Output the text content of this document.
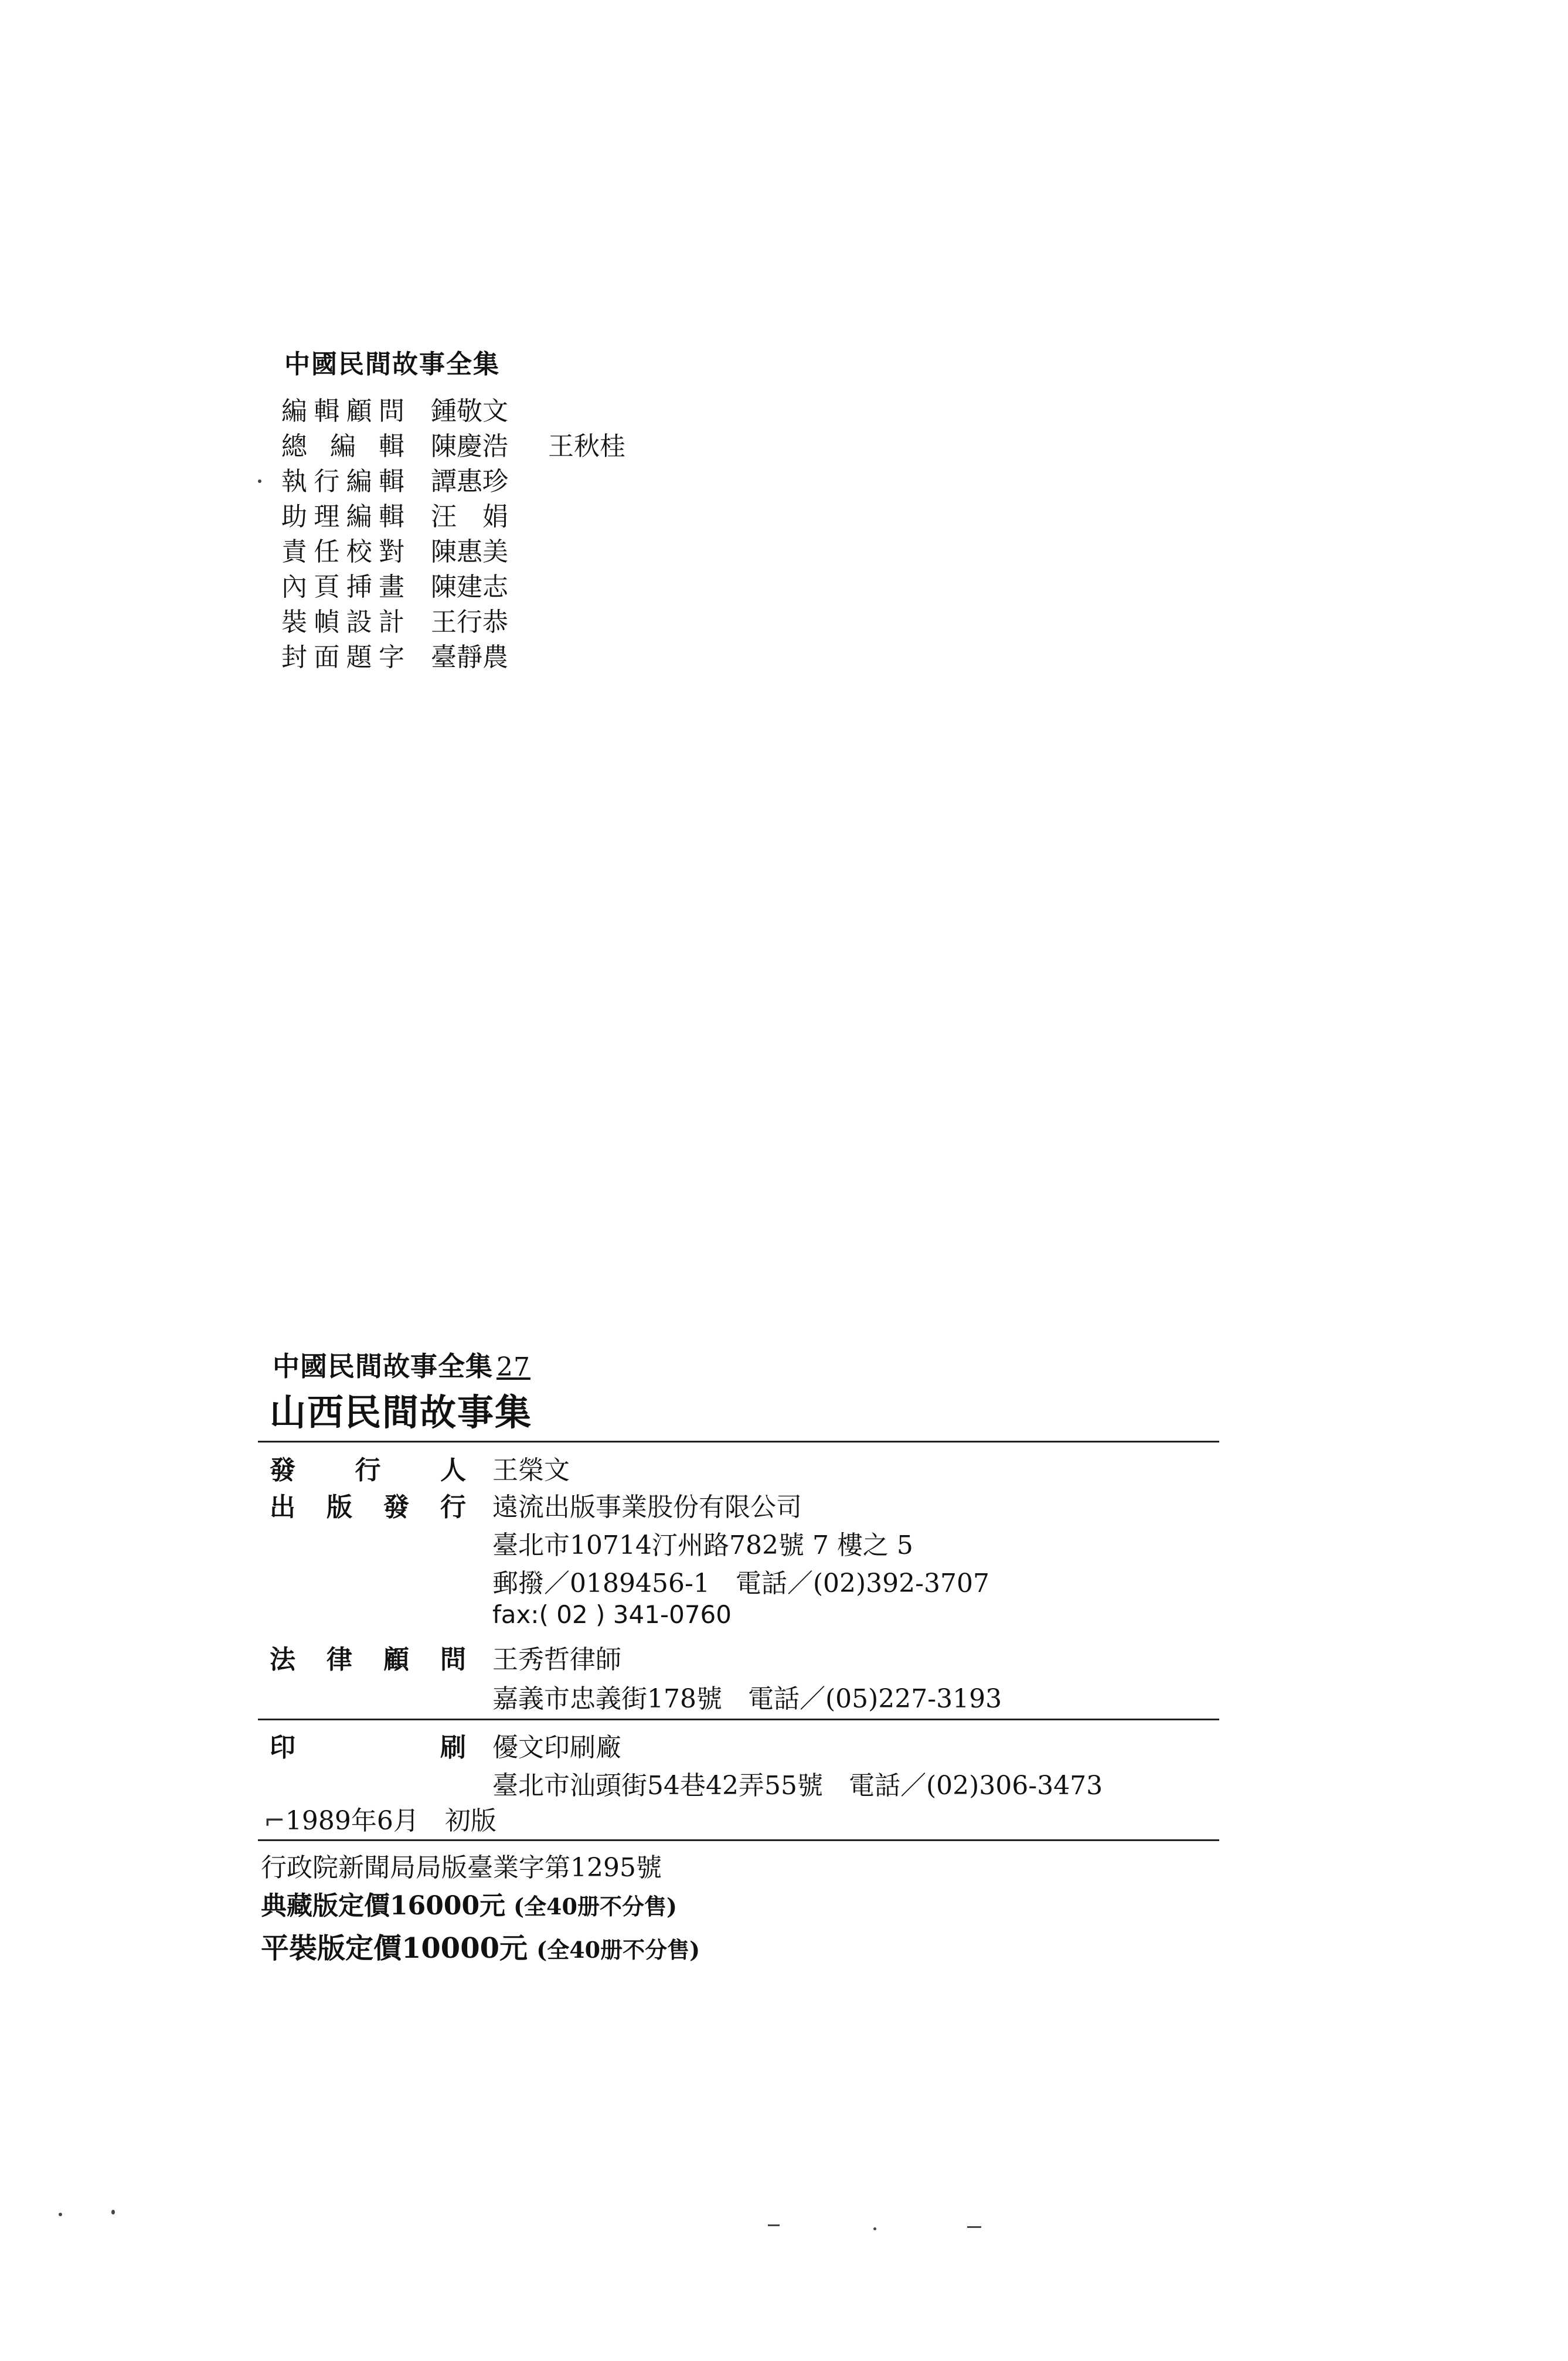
中國民間故事全集
編輯顧問 鍾敬文
總編輯 陳慶浩 王秋桂
執行編輯 譚惠珍
助理編輯 汪　娟
責任校對 陳惠美
內頁挿畫 陳建志
裝幀設計 王行恭
封面題字 臺靜農
中國民間故事全集 27
山西民間故事集
發行人 王榮文
出版發行 遠流出版事業股份有限公司
臺北市10714汀州路782號 7 樓之 5
郵撥／0189456-1　電話／(02)392-3707
fax:( 02 ) 341-0760
法律顧問 王秀哲律師
嘉義市忠義街178號　電話／(05)227-3193
印刷 優文印刷廠
臺北市汕頭街54巷42弄55號　電話／(02)306-3473
⌐1989年6月　初版
行政院新聞局局版臺業字第1295號
典藏版定價16000元 (全40册不分售)
平裝版定價10000元 (全40册不分售)
